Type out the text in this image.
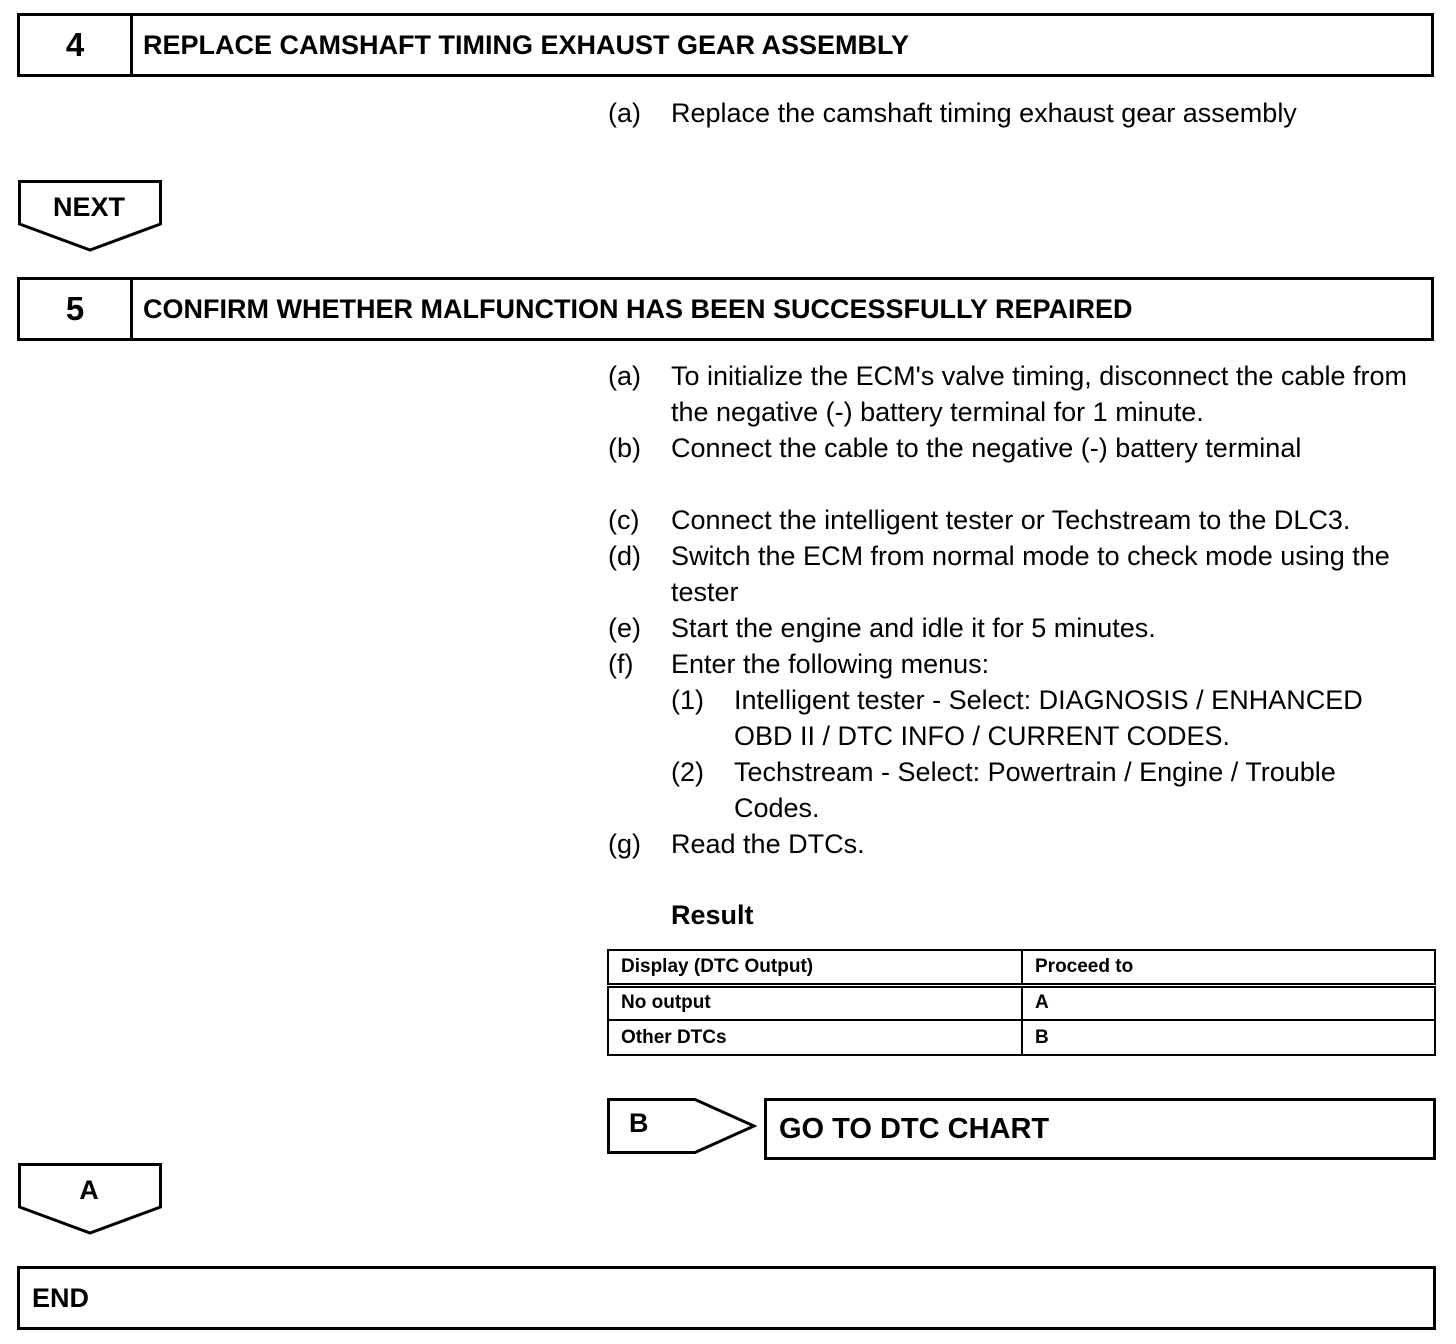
4	REPLACE CAMSHAFT TIMING EXHAUST GEAR ASSEMBLY
(a)	Replace the camshaft timing exhaust gear assembly
NEXT
5	CONFIRM WHETHER MALFUNCTION HAS BEEN SUCCESSFULLY REPAIRED
(a)	To initialize the ECM's valve timing, disconnect the cable from the negative (-) battery terminal for 1 minute.
(b)	Connect the cable to the negative (-) battery terminal
(c)	Connect the intelligent tester or Techstream to the DLC3.
(d)	Switch the ECM from normal mode to check mode using the tester
(e)	Start the engine and idle it for 5 minutes.
(f)	Enter the following menus:
(1)	Intelligent tester - Select: DIAGNOSIS / ENHANCED OBD II / DTC INFO / CURRENT CODES.
(2)	Techstream - Select: Powertrain / Engine / Trouble Codes.
(g)	Read the DTCs.
Result
Display (DTC Output)	Proceed to
No output	A
Other DTCs	B
B	GO TO DTC CHART
A
END
